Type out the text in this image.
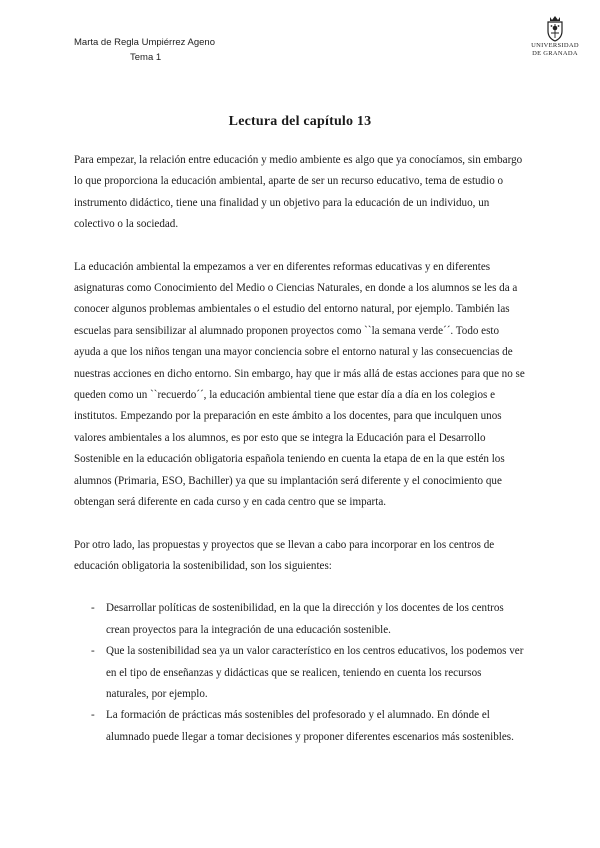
Marta de Regla Umpiérrez Ageno
Tema 1
UNIVERSIDAD
DE GRANADA
Lectura del capítulo 13

Para empezar, la relación entre educación y medio ambiente es algo que ya conocíamos, sin embargo lo que proporciona la educación ambiental, aparte de ser un recurso educativo, tema de estudio o instrumento didáctico, tiene una finalidad y un objetivo para la educación de un individuo, un colectivo o la sociedad.

La educación ambiental la empezamos a ver en diferentes reformas educativas y en diferentes asignaturas como Conocimiento del Medio o Ciencias Naturales, en donde a los alumnos se les da a conocer algunos problemas ambientales o el estudio del entorno natural, por ejemplo. También las escuelas para sensibilizar al alumnado proponen proyectos como ``la semana verde´´. Todo esto ayuda a que los niños tengan una mayor conciencia sobre el entorno natural y las consecuencias de nuestras acciones en dicho entorno. Sin embargo, hay que ir más allá de estas acciones para que no se queden como un ``recuerdo´´, la educación ambiental tiene que estar día a día en los colegios e institutos. Empezando por la preparación en este ámbito a los docentes, para que inculquen unos valores ambientales a los alumnos, es por esto que se integra la Educación para el Desarrollo Sostenible en la educación obligatoria española teniendo en cuenta la etapa de en la que estén los alumnos (Primaria, ESO, Bachiller) ya que su implantación será diferente y el conocimiento que obtengan será diferente en cada curso y en cada centro que se imparta.

Por otro lado, las propuestas y proyectos que se llevan a cabo para incorporar en los centros de educación obligatoria la sostenibilidad, son los siguientes:

- Desarrollar políticas de sostenibilidad, en la que la dirección y los docentes de los centros crean proyectos para la integración de una educación sostenible.
- Que la sostenibilidad sea ya un valor característico en los centros educativos, los podemos ver en el tipo de enseñanzas y didácticas que se realicen, teniendo en cuenta los recursos naturales, por ejemplo.
- La formación de prácticas más sostenibles del profesorado y el alumnado. En dónde el alumnado puede llegar a tomar decisiones y proponer diferentes escenarios más sostenibles.
